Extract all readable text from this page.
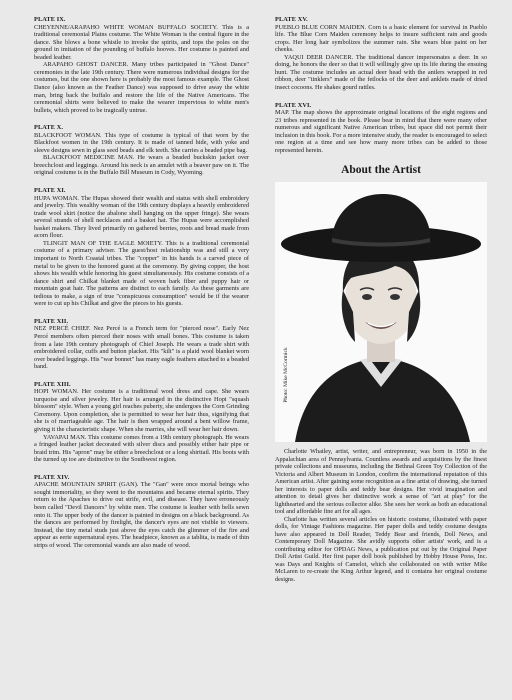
PLATE IX.

CHEYENNE/ARAPAHO WHITE WOMAN BUFFALO SOCIETY. This is a traditional ceremonial Plains costume. The White Woman is the central figure in the dance. She blows a bone whistle to invoke the spirits, and tops the poles on the ground in imitation of the pounding of buffalo hooves. Her costume is painted and beaded leather.

ARAPAHO GHOST DANCER. Many tribes participated in "Ghost Dance" ceremonies in the late 19th century. There were numerous individual designs for the costumes, but the one shown here is probably the most famous example. The Ghost Dance (also known as the Feather Dance) was supposed to drive away the white man, bring back the buffalo and restore the life of the Native Americans. The ceremonial shirts were believed to make the wearer impervious to white men's bullets, which proved to be tragically untrue.

PLATE X.

BLACKFOOT WOMAN. This type of costume is typical of that worn by the Blackfoot women in the 19th century. It is made of tanned hide, with yoke and sleeve designs sewn in glass seed beads and elk teeth. She carries a beaded pipe bag.

BLACKFOOT MEDICINE MAN. He wears a beaded buckskin jacket over breechclout and leggings. Around his neck is an amulet with a beaver paw on it. The original costume is in the Buffalo Bill Museum in Cody, Wyoming.

PLATE XI.

HUPA WOMAN. The Hupas showed their wealth and status with shell embroidery and jewelry. This wealthy woman of the 19th century displays a heavily embroidered trade wool skirt (notice the abalone shell hanging on the upper fringe). She wears several strands of shell necklaces and a basket hat. The Hupas were accomplished basket makers. They lived primarily on gathered berries, roots and bread made from acorn flour.

TLINGIT MAN OF THE EAGLE MOIETY. This is a traditional ceremonial costume of a primary adviser. The guest/host relationship was and still a very important to North Coastal tribes. The "copper" in his hands is a carved piece of metal to be given to the honored guest at the ceremony. By giving copper, the host shows his wealth while honoring his guest simultaneously. His costume consists of a dance shirt and Chilkat blanket made of woven bark fiber and puppy hair or mountain goat hair. The patterns are distinct to each family. As these garments are tedious to make, a sign of true "conspicuous consumption" would be if the wearer were to cut up his Chilkat and give the pieces to his guests.

PLATE XII.

NEZ PERCÉ CHIEF. Nez Percé is a French term for "pierced nose". Early Nez Percé members often pierced their noses with small bones. This costume is taken from a late 19th century photograph of Chief Joseph. He wears a trade shirt with embroidered collar, cuffs and button placket. His "kilt" is a plaid wool blanket worn over beaded leggings. His "war bonnet" has many eagle feathers attached to a beaded band.

PLATE XIII.

HOPI WOMAN. Her costume is a traditional wool dress and cape. She wears turquoise and silver jewelry. Her hair is arranged in the distinctive Hopi "squash blossom" style. When a young girl reaches puberty, she undergoes the Corn Grinding Ceremony. Upon completion, she is permitted to wear her hair thus, signifying that she is of marriageable age. The hair is then wrapped around a bent willow frame, giving it the characteristic shape. When she marries, she will wear her hair down.

YAVAPAI MAN. This costume comes from a 19th century photograph. He wears a fringed leather jacket decorated with silver discs and possibly either hair pipe or braid trim. His "apron" may be either a breechclout or a long shirttail. His boots with the turned up toe are distinctive to the Southwest region.

PLATE XIV.

APACHE MOUNTAIN SPIRIT (GAN). The "Gan" were once mortal beings who sought immortality, so they went to the mountains and became eternal spirits. They return to the Apaches to drive out strife, evil, and disease. They have erroneously been called "Devil Dancers" by white men. The costume is leather with bells sewn onto it. The upper body of the dancer is painted in designs on a black background. As the dances are performed by firelight, the dancer's eyes are not visible to viewers. Instead, the tiny metal studs just above the eyes catch the glimmer of the fire and appear as eerie supernatural eyes. The headpiece, known as a tablita, is made of thin strips of wood. The ceremonial wands are also made of wood.

PLATE XV.

PUEBLO BLUE CORN MAIDEN. Corn is a basic element for survival in Pueblo life. The Blue Corn Maiden ceremony helps to insure sufficient rain and goods crops. Her long hair symbolizes the summer rain. She wears blue paint on her cheeks.

YAQUI DEER DANCER. The traditional dancer impersonates a deer. In so doing, he honors the deer so that it will willingly give up its life during the ensuing hunt. The costume includes an actual deer head with the antlers wrapped in red ribbon, deer "tinklers" made of the fetlocks of the deer and anklets made of dried insect cocoons. He shakes gourd rattles.

PLATE XVI.

MAP. The map shows the approximate original locations of the eight regions and 23 tribes represented in the book. Please bear in mind that there were many other numerous and significant Native American tribes, but space did not permit their inclusion in this book. For a more intensive study, the reader is encouraged to select one region at a time and see how many more tribes can be added to those represented herein.

About the Artist
Photo: Mike McCormick

Charlotte Whatley, artist, writer, and entrepreneur, was born in 1950 in the Appalachian area of Pennsylvania. Countless awards and acquisitions by the finest private collections and museums, including the Bethnal Green Toy Collection of the Victoria and Albert Museum in London, confirm the international reputation of this American artist. After gaining some recognition as a fine artist of drawing, she turned her interests to paper dolls and teddy bear designs. Her vivid imagination and attention to detail gives her distinctive work a sense of "art at play" for the lighthearted and the serious collector alike. She sees her work as both an educational tool and affordable fine art for all ages.

Charlotte has written several articles on historic costume, illustrated with paper dolls, for Vintage Fashions magazine. Her paper dolls and teddy costume designs have also appeared in Doll Reader, Teddy Bear and friends, Doll News, and Contemporary Doll Magazine. She avidly supports other artists' work, and is a contributing editor for OPDAG News, a publication put out by the Original Paper Doll Artist Guild. Her first paper doll book published by Hobby House Press, Inc. was Days and Knights of Camelot, which she collaborated on with writer Mike McLaren to re-create the King Arthur legend, and it contains her original costume designs.
